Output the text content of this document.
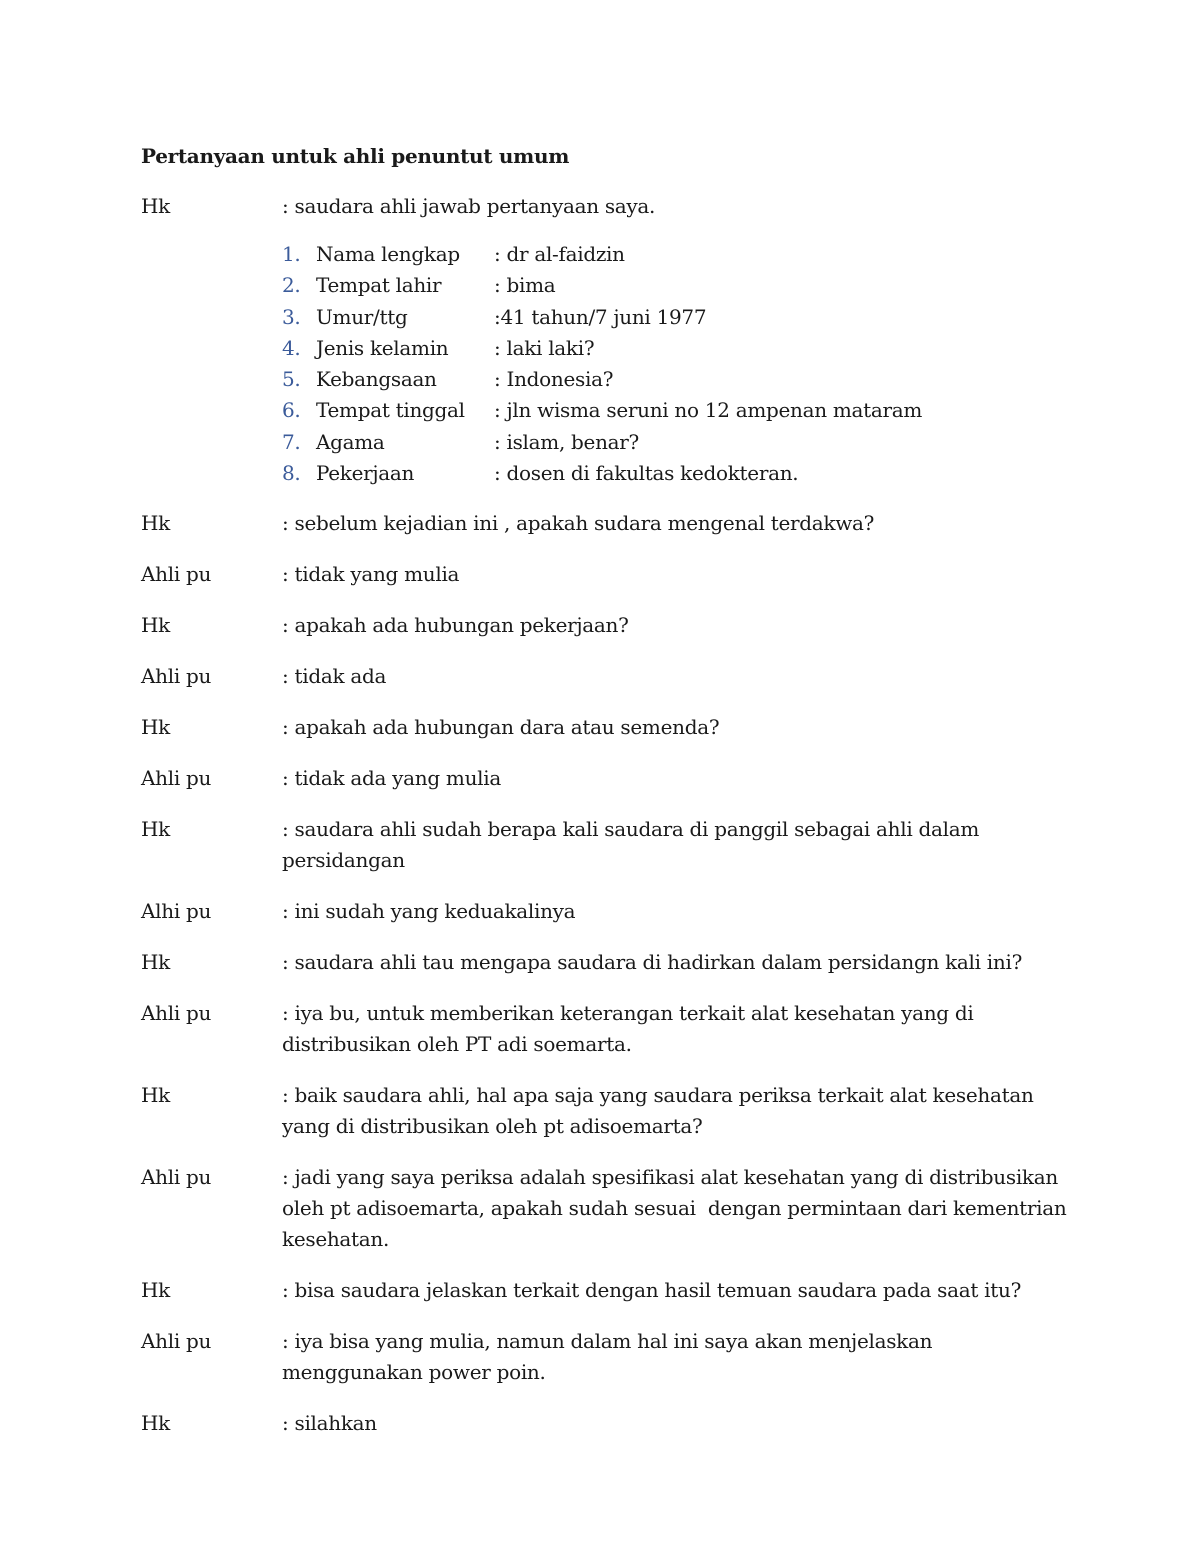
Pertanyaan untuk ahli penuntut umum
Hk	: saudara ahli jawab pertanyaan saya.
1. Nama lengkap	: dr al-faidzin
2. Tempat lahir	: bima
3. Umur/ttg	:41 tahun/7 juni 1977
4. Jenis kelamin	: laki laki?
5. Kebangsaan	: Indonesia?
6. Tempat tinggal	: jln wisma seruni no 12 ampenan mataram
7. Agama	: islam, benar?
8. Pekerjaan	: dosen di fakultas kedokteran.
Hk	: sebelum kejadian ini , apakah sudara mengenal terdakwa?
Ahli pu	: tidak yang mulia
Hk	: apakah ada hubungan pekerjaan?
Ahli pu	: tidak ada
Hk	: apakah ada hubungan dara atau semenda?
Ahli pu	: tidak ada yang mulia
Hk	: saudara ahli sudah berapa kali saudara di panggil sebagai ahli dalam persidangan
Alhi pu	: ini sudah yang keduakalinya
Hk	: saudara ahli tau mengapa saudara di hadirkan dalam persidangn kali ini?
Ahli pu	: iya bu, untuk memberikan keterangan terkait alat kesehatan yang di distribusikan oleh PT adi soemarta.
Hk	: baik saudara ahli, hal apa saja yang saudara periksa terkait alat kesehatan yang di distribusikan oleh pt adisoemarta?
Ahli pu	: jadi yang saya periksa adalah spesifikasi alat kesehatan yang di distribusikan oleh pt adisoemarta, apakah sudah sesuai  dengan permintaan dari kementrian kesehatan.
Hk	: bisa saudara jelaskan terkait dengan hasil temuan saudara pada saat itu?
Ahli pu	: iya bisa yang mulia, namun dalam hal ini saya akan menjelaskan menggunakan power poin.
Hk	: silahkan
